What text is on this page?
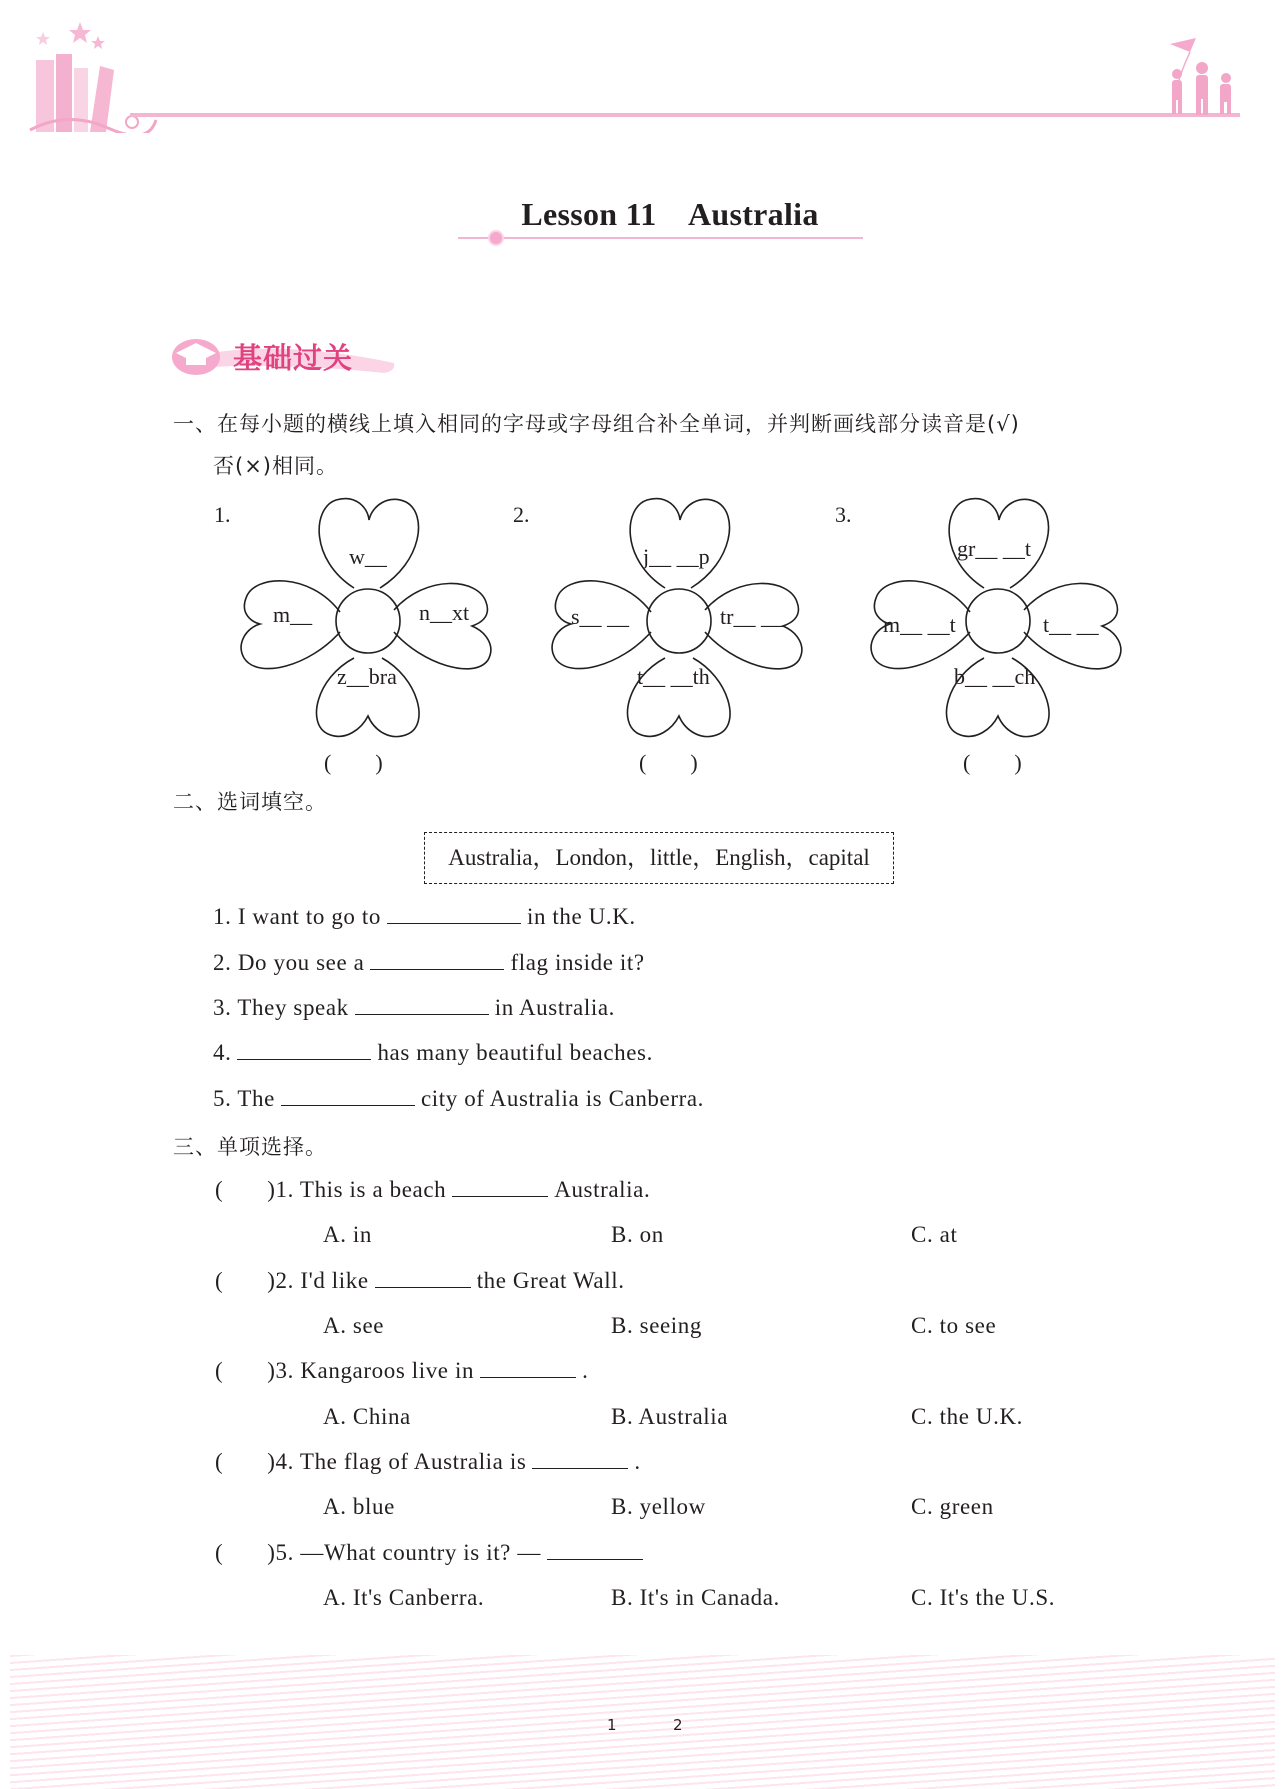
Lesson 11    Australia
基础过关
一、在每小题的横线上填入相同的字母或字母组合补全单词，并判断画线部分读音是(√)
否(×)相同。
1.
w__
m__	n__xt
z__bra
(        )
2.
j__ __p
s__ __	tr__ __
t__ __th
(        )
3.
gr__ __t
m__ __t	t__ __
b__ __ch
(        )
二、选词填空。
Australia，London，little，English，capital
1. I want to go to	in the U.K.
2. Do you see a	flag inside it?
3. They speak	in Australia.
4.	has many beautiful beaches.
5. The	city of Australia is Canberra.
三、单项选择。
( )1. This is a beach	Australia.
A. in	B. on	C. at
( )2. I'd like	the Great Wall.
A. see	B. seeing	C. to see
( )3. Kangaroos live in	.
A. China	B. Australia	C. the U.K.
( )4. The flag of Australia is	.
A. blue	B. yellow	C. green
( )5. —What country is it? —
A. It's Canberra.	B. It's in Canada.	C. It's the U.S.
1	2
